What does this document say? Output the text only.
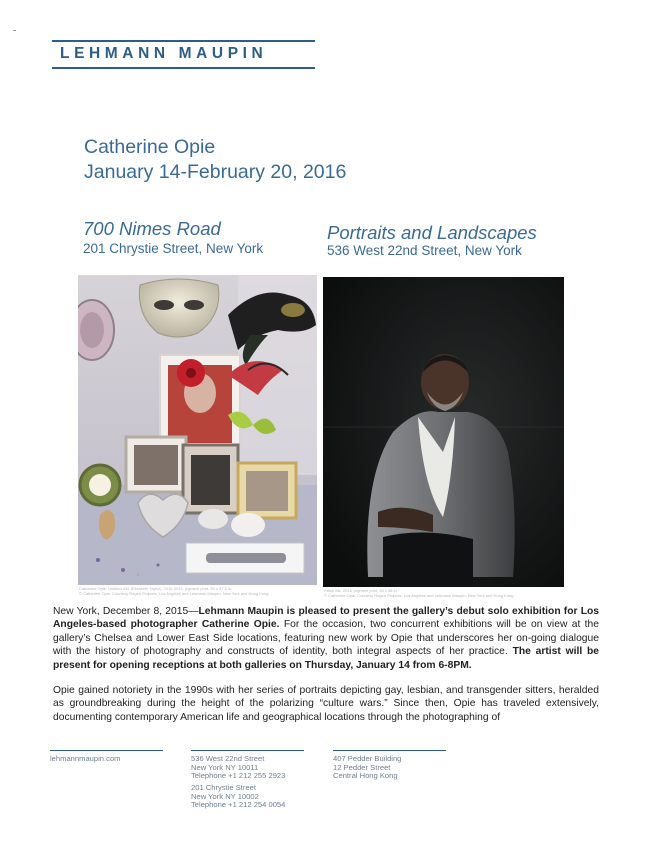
LEHMANN MAUPIN
Catherine Opie
January 14-February 20, 2016
700 Nimes Road
201 Chrystie Street, New York
Portraits and Landscapes
536 West 22nd Street, New York
Catherine Opie, Untitled #35 (Elizabeth Taylor), 2010-2015, pigment print, 50 x 37.5 in.
© Catherine Opie. Courtesy Regen Projects, Los Angeles and Lehmann Maupin, New York and Hong Kong
Hilton Als, 2016, pigment print, 50 x 38 in.
© Catherine Opie. Courtesy Regen Projects, Los Angeles and Lehmann Maupin, New York and Hong Kong
New York, December 8, 2015—Lehmann Maupin is pleased to present the gallery’s debut solo exhibition for Los Angeles-based photographer Catherine Opie. For the occasion, two concurrent exhibitions will be on view at the gallery’s Chelsea and Lower East Side locations, featuring new work by Opie that underscores her on-going dialogue with the history of photography and constructs of identity, both integral aspects of her practice. The artist will be present for opening receptions at both galleries on Thursday, January 14 from 6-8PM.
Opie gained notoriety in the 1990s with her series of portraits depicting gay, lesbian, and transgender sitters, heralded as groundbreaking during the height of the polarizing “culture wars.” Since then, Opie has traveled extensively, documenting contemporary American life and geographical locations through the photographing of
lehmannmaupin.com	536 West 22nd Street
New York NY 10011
Telephone +1 212 255 2923
201 Chrystie Street
New York NY 10002
Telephone +1 212 254 0054
407 Pedder Building
12 Pedder Street
Central Hong Kong
